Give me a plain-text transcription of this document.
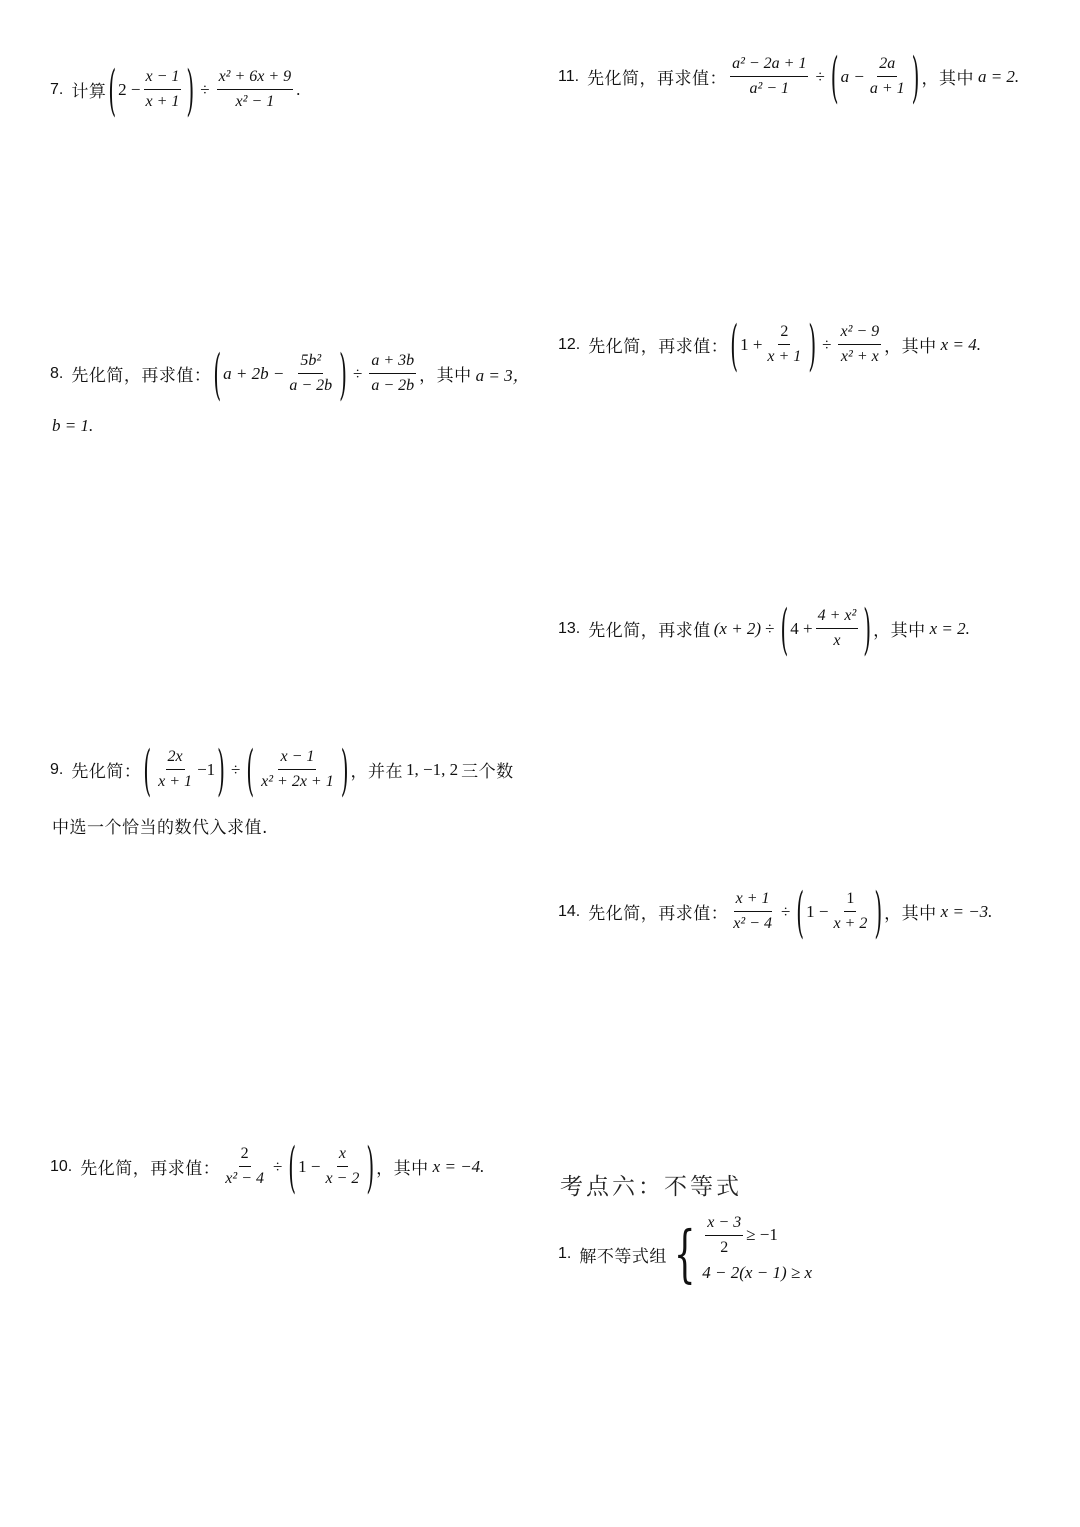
7. 计算 ( $2 - \frac{x - 1}{x + 1}$ ) ÷ $\frac{\text{x² + 6x + 9}}{\text{x² − 1}}$ .
8. 先化简，再求值： ( $a + 2b - \frac{\text{5b²}}{a - 2b}$ ) ÷ $\frac{a + 3b}{a - 2b}$ ，其中 a = 3，
b = 1.
9. 先化简： ( $\frac{2x}{x + 1} -1$ ) ÷ ( $\frac{x - 1}{\text{x² + 2x + 1}}$ ) ，并在 1, −1, 2 三个数
中选一个恰当的数代入求值.
10. 先化简，再求值： $\frac{2}{\text{x² − 4}}$ ÷ ( $1 - \frac{x}{x - 2}$ ) ，其中 x = −4.
11. 先化简，再求值： $\frac{\text{a² − 2a + 1}}{\text{a² − 1}}$ ÷ ( $a - \frac{2a}{a + 1}$ ) ，其中 a = 2.
12. 先化简，再求值： ( $1 + \frac{2}{x + 1}$ ) ÷ $\frac{\text{x² − 9}}{\text{x² + x}}$ ，其中 x = 4.
13. 先化简，再求值 (x + 2) ÷ ( $4 + \frac{\text{4 + x²}}{x}$ ) ，其中 x = 2.
14. 先化简，再求值： $\frac{x + 1}{\text{x² − 4}}$ ÷ ( $1 - \frac{1}{x + 2}$ ) ，其中 x = −3.
考点六：不等式
1. 解不等式组 { $\frac{x - 3}{2} \ge -1$
4 − 2(x − 1) ≥ x
